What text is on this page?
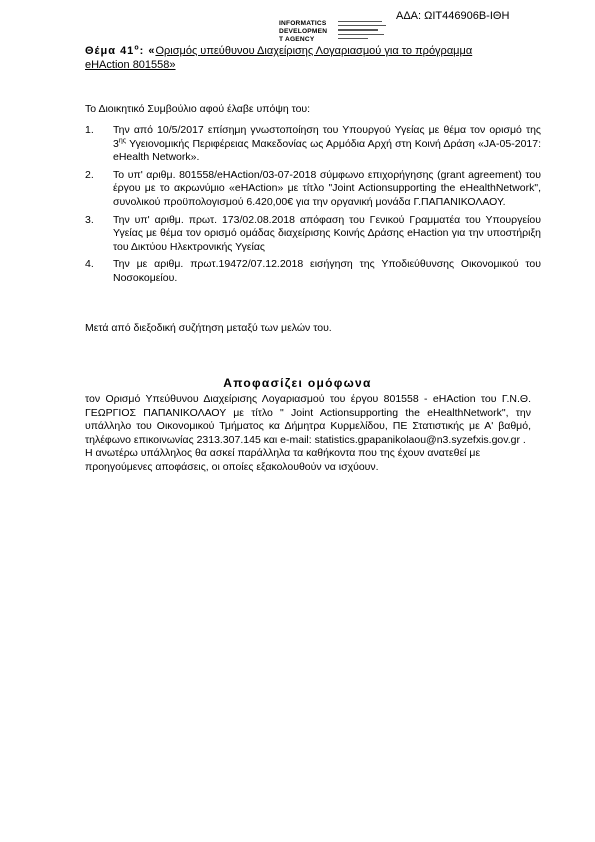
ΑΔΑ: ΩΙΤ446906Β-ΙΘΗ
INFORMATICS
DEVELOPMEN
T AGENCY
Θέμα $41^o$: «Ορισμός υπεύθυνου Διαχείρισης Λογαριασμού για το πρόγραμμα
eHAction 801558»
Το Διοικητικό Συμβούλιο αφού έλαβε υπόψη του:
1. Την από 10/5/2017 επίσημη γνωστοποίηση του Υπουργού Υγείας με θέμα τον ορισμό της $3^{\eta\varsigma}$ Υγειονομικής Περιφέρειας Μακεδονίας ως Αρμόδια Αρχή στη Κοινή Δράση «JA-05-2017: eHealth Network».
2. Το υπ' αριθμ. 801558/eHAction/03-07-2018 σύμφωνο επιχορήγησης (grant agreement) του έργου με το ακρωνύμιο «eHAction» με τίτλο "Joint Actionsupporting the eHealthNetwork", συνολικού προϋπολογισμού 6.420,00€ για την οργανική μονάδα Γ.ΠΑΠΑΝΙΚΟΛΑΟΥ.
3. Την υπ' αριθμ. πρωτ. 173/02.08.2018 απόφαση του Γενικού Γραμματέα του Υπουργείου Υγείας με θέμα τον ορισμό ομάδας διαχείρισης Κοινής Δράσης eHaction για την υποστήριξη του Δικτύου Ηλεκτρονικής Υγείας
4. Την με αριθμ. πρωτ.19472/07.12.2018 εισήγηση της Υποδιεύθυνσης Οικονομικού του Νοσοκομείου.
Μετά από διεξοδική συζήτηση μεταξύ των μελών του.
Αποφασίζει ομόφωνα

τον Ορισμό Υπεύθυνου Διαχείρισης Λογαριασμού του έργου 801558 - eHAction του Γ.Ν.Θ. ΓΕΩΡΓΙΟΣ ΠΑΠΑΝΙΚΟΛΑΟΥ με τίτλο " Joint Actionsupporting the eHealthNetwork", την υπάλληλο του Οικονομικού Τμήματος κα Δήμητρα Κυρμελίδου, ΠΕ Στατιστικής με Α' βαθμό, τηλέφωνο επικοινωνίας 2313.307.145 και e-mail: statistics.gpapanikolaou@n3.syzefxis.gov.gr .

Η ανωτέρω υπάλληλος θα ασκεί παράλληλα τα καθήκοντα που της έχουν ανατεθεί με προηγούμενες αποφάσεις, οι οποίες εξακολουθούν να ισχύουν.
